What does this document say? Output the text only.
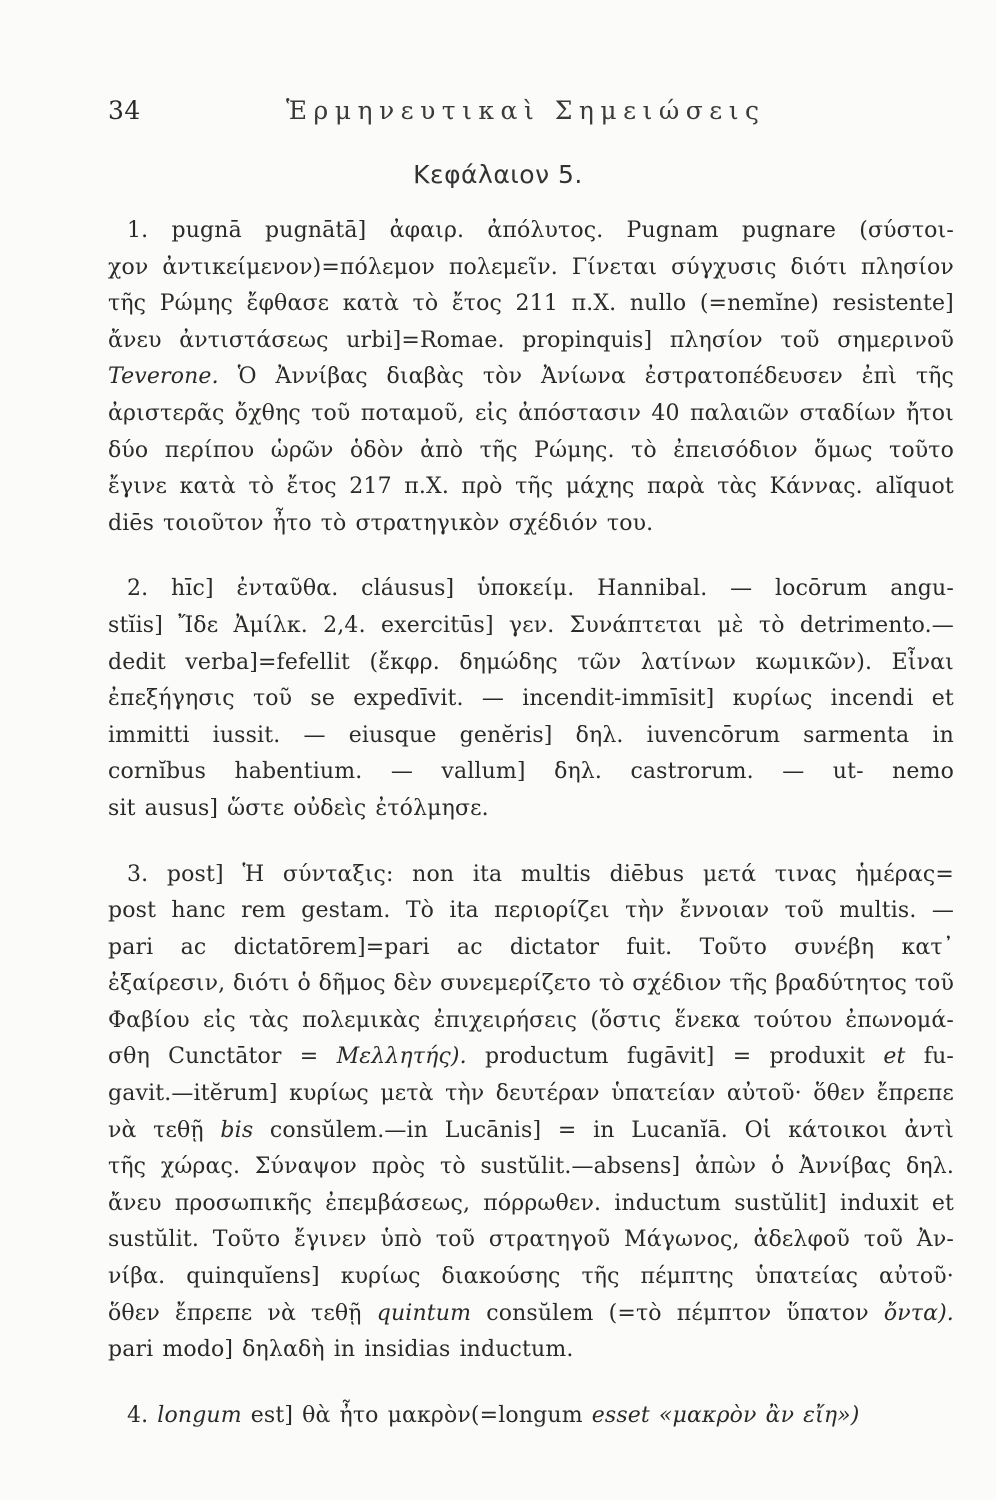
34	Ἑρμηνευτικαὶ Σημειώσεις
Κεφάλαιον 5.
1. pugnā pugnātā] ἀφαιρ. ἀπόλυτος. Pugnam pugnare (σύστοι-
χον ἀντικείμενον)=πόλεμον πολεμεῖν. Γίνεται σύγχυσις διότι πλησίον
τῆς Ρώμης ἔφθασε κατὰ τὸ ἔτος 211 π.Χ. nullo (=nemĭne) resistente]
ἄνευ ἀντιστάσεως urbi]=Romae. propinquis] πλησίον τοῦ σημερινοῦ
Teverone. Ὁ Ἀννίβας διαβὰς τὸν Ἀνίωνα ἐστρατοπέδευσεν ἐπὶ τῆς
ἀριστερᾶς ὄχθης τοῦ ποταμοῦ, εἰς ἀπόστασιν 40 παλαιῶν σταδίων ἤτοι
δύο περίπου ὡρῶν ὁδὸν ἀπὸ τῆς Ρώμης. τὸ ἐπεισόδιον ὅμως τοῦτο
ἔγινε κατὰ τὸ ἔτος 217 π.Χ. πρὸ τῆς μάχης παρὰ τὰς Κάννας. alĭquot
diēs τοιοῦτον ἦτο τὸ στρατηγικὸν σχέδιόν του.
2. hīc] ἐνταῦθα. cláusus] ὑποκείμ. Hannibal. — locōrum angu-
stĭis] Ἴδε Ἀμίλκ. 2,4. exercitūs] γεν. Συνάπτεται μὲ τὸ detrimento.—
dedit verba]=fefellit (ἔκφρ. δημώδης τῶν λατίνων κωμικῶν). Εἶναι
ἐπεξήγησις τοῦ se expedīvit. — incendit-immīsit] κυρίως incendi et
immitti iussit. — eiusque genĕris] δηλ. iuvencōrum sarmenta in
cornĭbus habentium. — vallum] δηλ. castrorum. — ut- nemo
sit ausus] ὥστε οὐδεὶς ἐτόλμησε.
3. post] Ἡ σύνταξις: non ita multis diēbus μετά τινας ἡμέρας=
post hanc rem gestam. Τὸ ita περιορίζει τὴν ἔννοιαν τοῦ multis. —
pari ac dictatōrem]=pari ac dictator fuit. Τοῦτο συνέβη κατ᾽
ἐξαίρεσιν, διότι ὁ δῆμος δὲν συνεμερίζετο τὸ σχέδιον τῆς βραδύτητος τοῦ
Φαβίου εἰς τὰς πολεμικὰς ἐπιχειρήσεις (ὅστις ἕνεκα τούτου ἐπωνομά-
σθη Cunctātor = Μελλητής). productum fugāvit] = produxit et fu-
gavit.—itĕrum] κυρίως μετὰ τὴν δευτέραν ὑπατείαν αὐτοῦ· ὅθεν ἔπρεπε
νὰ τεθῇ bis consŭlem.—in Lucānis] = in Lucanĭā. Οἱ κάτοικοι ἀντὶ
τῆς χώρας. Σύναψον πρὸς τὸ sustŭlit.—absens] ἀπὼν ὁ Ἀννίβας δηλ.
ἄνευ προσωπικῆς ἐπεμβάσεως, πόρρωθεν. inductum sustŭlit] induxit et
sustŭlit. Τοῦτο ἔγινεν ὑπὸ τοῦ στρατηγοῦ Μάγωνος, ἀδελφοῦ τοῦ Ἀν-
νίβα. quinquĭens] κυρίως διακούσης τῆς πέμπτης ὑπατείας αὐτοῦ·
ὅθεν ἔπρεπε νὰ τεθῇ quintum consŭlem (=τὸ πέμπτον ὕπατον ὄντα).
pari modo] δηλαδὴ in insidias inductum.
4. longum est] θὰ ἦτο μακρὸν(=longum esset «μακρὸν ἂν εἴη»)
